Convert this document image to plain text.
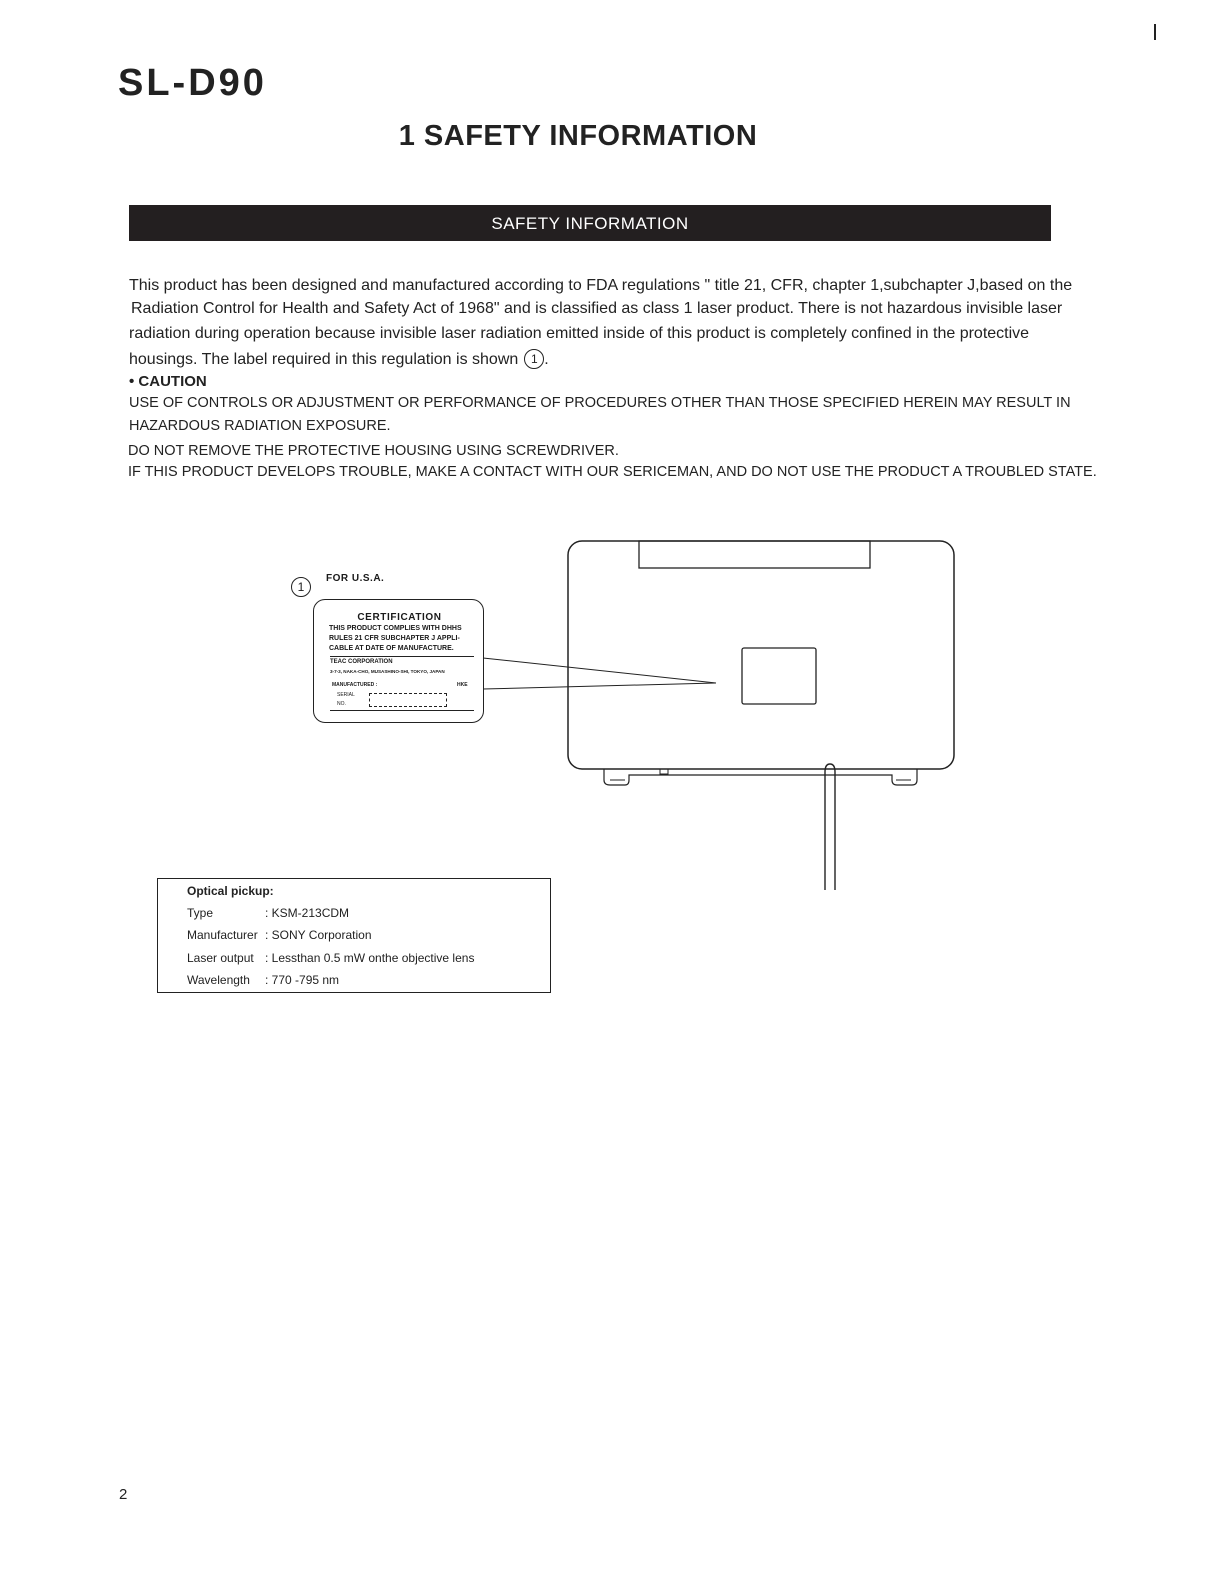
SL-D90
1 SAFETY INFORMATION
SAFETY INFORMATION
This product has been designed and manufactured according to FDA regulations " title 21, CFR, chapter 1,subchapter J,based on the
Radiation Control for Health and Safety Act of 1968" and is classified as class 1 laser product. There is not hazardous invisible laser
radiation during operation because invisible laser radiation emitted inside of this product is completely confined in the protective
housings. The label required in this regulation is shown 1 .
• CAUTION
USE OF CONTROLS OR ADJUSTMENT OR PERFORMANCE OF PROCEDURES OTHER THAN THOSE SPECIFIED HEREIN MAY RESULT IN
HAZARDOUS RADIATION EXPOSURE.
DO NOT REMOVE THE PROTECTIVE HOUSING USING SCREWDRIVER.
IF THIS PRODUCT DEVELOPS TROUBLE, MAKE A CONTACT WITH OUR SERICEMAN, AND DO NOT USE THE PRODUCT A TROUBLED STATE.
1
FOR U.S.A.
CERTIFICATION
THIS PRODUCT COMPLIES WITH DHHS
RULES 21 CFR SUBCHAPTER J APPLI-
CABLE AT DATE OF MANUFACTURE.
TEAC CORPORATION
3-7-3, NAKA-CHO, MUSASHINO-SHI, TOKYO, JAPAN
MANUFACTURED :	HKE
SERIAL
NO.
Optical pickup:
Type	: KSM-213CDM
Manufacturer : SONY Corporation
Laser output : Lessthan 0.5 mW onthe objective lens
Wavelength : 770 -795 nm
2
